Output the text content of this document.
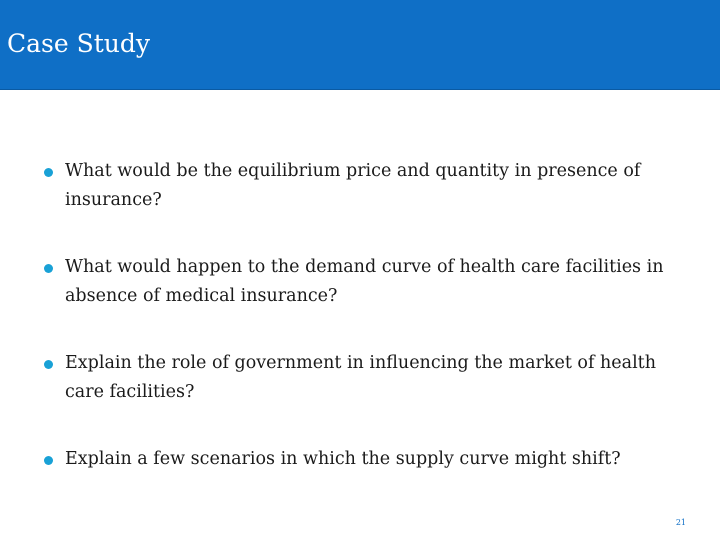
Case Study
What would be the equilibrium price and quantity in presence of insurance?
What would happen to the demand curve of health care facilities in absence of medical insurance?
Explain the role of government in influencing the market of health care facilities?
Explain a few scenarios in which the supply curve might shift?
21
